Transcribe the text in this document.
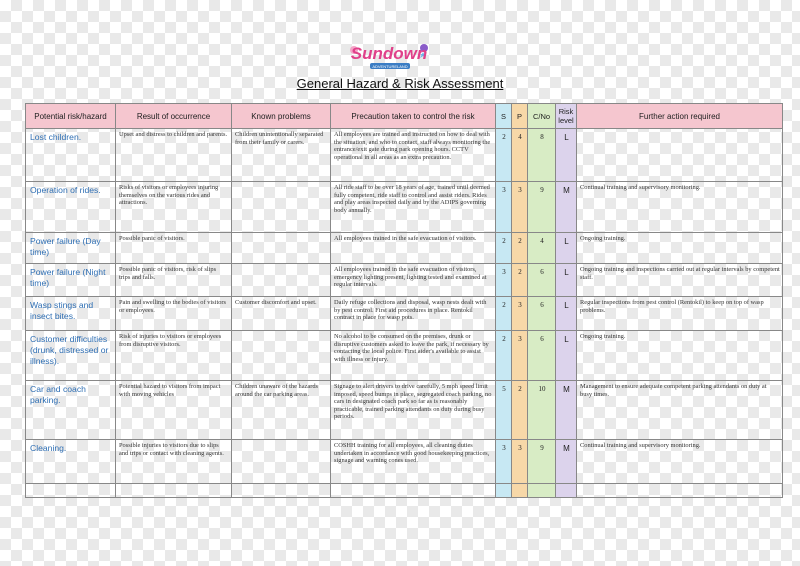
Sundown
ADVENTURELAND
General Hazard & Risk Assessment
Potential risk/hazard	Result of occurrence	Known problems	Precaution taken to control the risk	S	P	C/No	Risk level	Further action required
Lost children.	Upset and distress to children and parents.	Children unintentionally separated from their family or carers.	All employees are trained and instructed on how to deal with the situation, and who to contact, staff always monitoring the entrance/exit gate during park opening hours. CCTV operational in all areas as an extra precaution.	2	4	8	L	
Operation of rides.	Risks of visitors or employees injuring themselves on the various rides and attractions.		All ride staff to be over 18 years of age, trained until deemed fully competent, ride staff to control and assist riders. Rides and play areas inspected daily and by the ADIPS governing body annually.	3	3	9	M	Continual training and supervisory monitoring.
Power failure (Day time)	Possible panic of visitors.		All employees trained in the safe evacuation of visitors.	2	2	4	L	Ongoing training.
Power failure (Night time)	Possible panic of visitors, risk of slips trips and falls.		All employees trained in the safe evacuation of visitors, emergency lighting present, lighting tested and examined at regular intervals.	3	2	6	L	Ongoing training and inspections carried out at regular intervals by competent staff.
Wasp stings and insect bites.	Pain and swelling to the bodies of visitors or employees.	Customer discomfort and upset.	Daily refuge collections and disposal, wasp nests dealt with by pest control. First aid procedures in place. Rentokil contract in place for wasp pots.	2	3	6	L	Regular inspections from pest control (Rentokil) to keep on top of wasp problems.
Customer difficulties (drunk, distressed or illness).	Risk of injuries to visitors or employees from disruptive visitors.		No alcohol to be consumed on the premises, drunk or disruptive customers asked to leave the park, if necessary by contacting the local police. First aider's available to assist with illness or injury.	2	3	6	L	Ongoing training.
Car and coach parking.	Potential hazard to visitors from impact with moving vehicles	Children unaware of the hazards around the car parking areas.	Signage to alert drivers to drive carefully, 5 mph speed limit imposed, speed bumps in place, segregated coach parking, no cars in designated coach park so far as is reasonably practicable, trained parking attendants on duty during busy periods.	5	2	10	M	Management to ensure adequate competent parking attendants on duty at busy times.
Cleaning.	Possible injuries to visitors due to slips and trips or contact with cleaning agents.		COSHH training for all employees, all cleaning duties undertaken in accordance with good housekeeping practices, signage and warning cones used.	3	3	9	M	Continual training and supervisory monitoring.
